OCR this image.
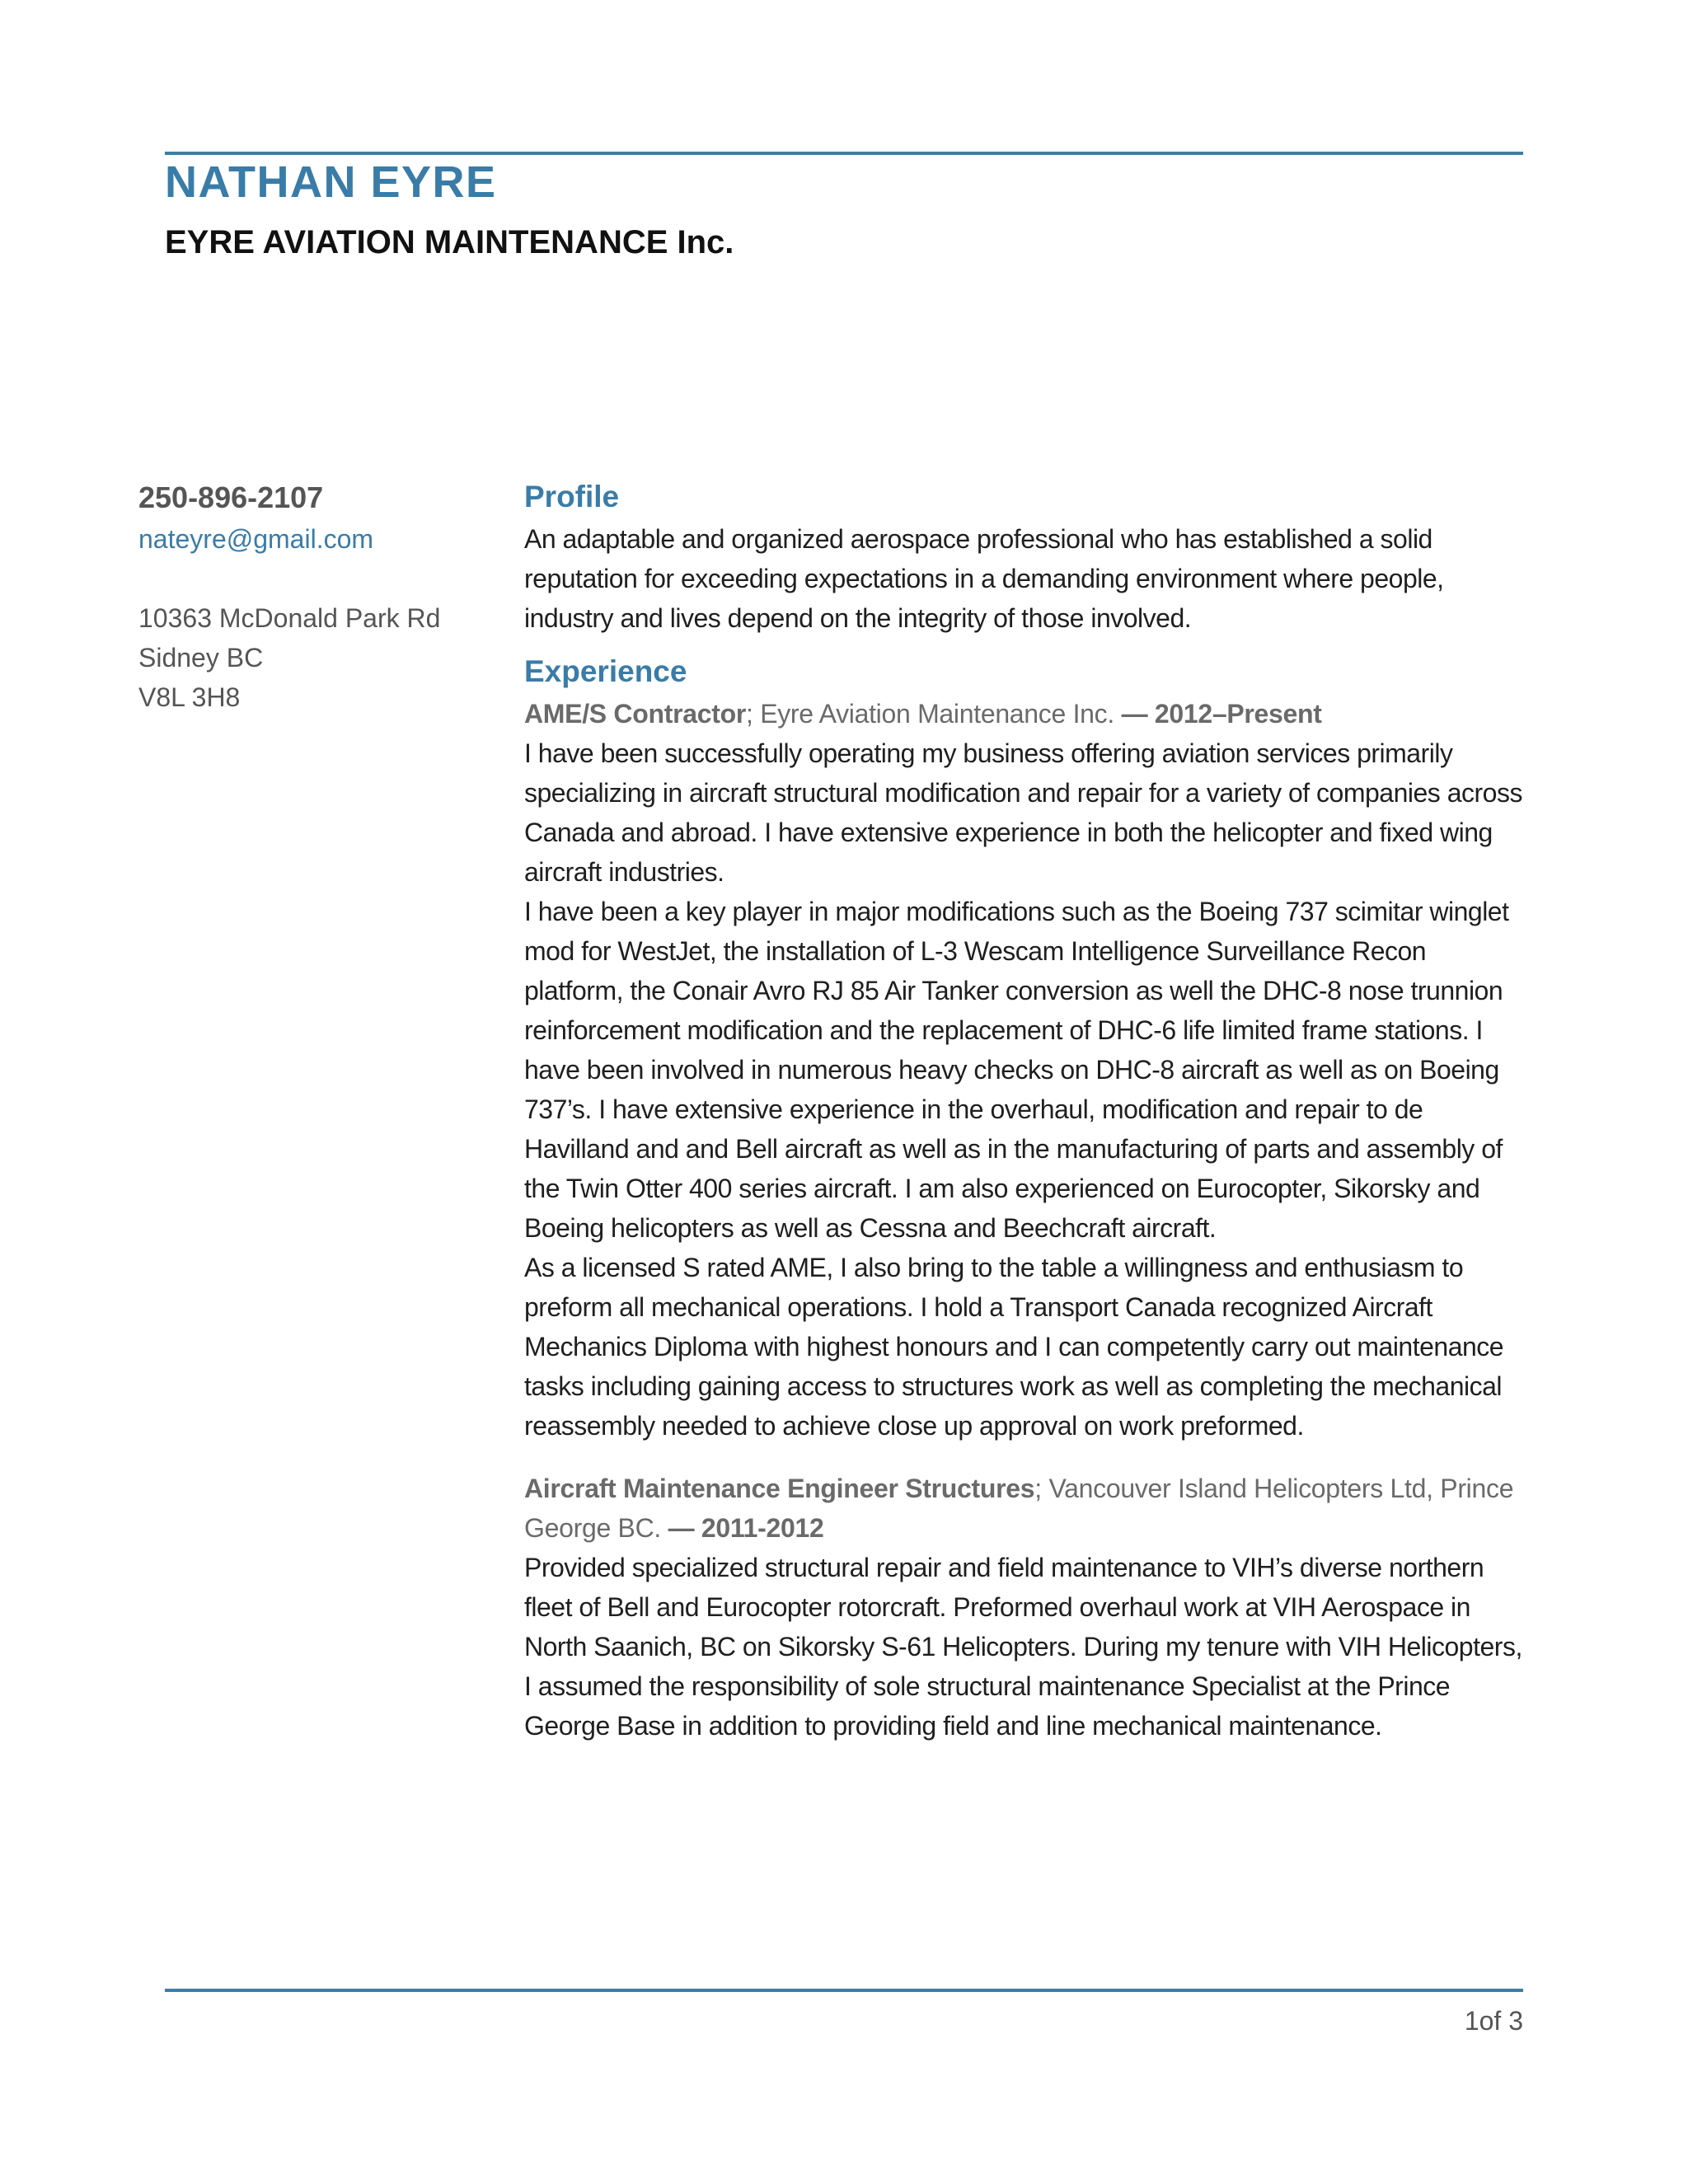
NATHAN EYRE
EYRE AVIATION MAINTENANCE Inc.
250-896-2107
nateyre@gmail.com
10363 McDonald Park Rd
Sidney BC
V8L 3H8
Profile

An adaptable and organized aerospace professional who has established a solid reputation for exceeding expectations in a demanding environment where people, industry and lives depend on the integrity of those involved.

Experience
AME/S Contractor; Eyre Aviation Maintenance Inc. — 2012–Present

I have been successfully operating my business offering aviation services primarily specializing in aircraft structural modification and repair for a variety of companies across Canada and abroad. I have extensive experience in both the helicopter and fixed wing aircraft industries.

I have been a key player in major modifications such as the Boeing 737 scimitar winglet mod for WestJet, the installation of L-3 Wescam Intelligence Surveillance Recon platform, the Conair Avro RJ 85 Air Tanker conversion as well the DHC-8 nose trunnion reinforcement modification and the replacement of DHC-6 life limited frame stations. I have been involved in numerous heavy checks on DHC-8 aircraft as well as on Boeing 737’s. I have extensive experience in the overhaul, modification and repair to de Havilland and and Bell aircraft as well as in the manufacturing of parts and assembly of the Twin Otter 400 series aircraft. I am also experienced on Eurocopter, Sikorsky and Boeing helicopters as well as Cessna and Beechcraft aircraft.

As a licensed S rated AME, I also bring to the table a willingness and enthusiasm to preform all mechanical operations. I hold a Transport Canada recognized Aircraft Mechanics Diploma with highest honours and I can competently carry out maintenance tasks including gaining access to structures work as well as completing the mechanical reassembly needed to achieve close up approval on work preformed.

Aircraft Maintenance Engineer Structures; Vancouver Island Helicopters Ltd, Prince George BC. — 2011-2012

Provided specialized structural repair and field maintenance to VIH’s diverse northern fleet of Bell and Eurocopter rotorcraft. Preformed overhaul work at VIH Aerospace in North Saanich, BC on Sikorsky S-61 Helicopters. During my tenure with VIH Helicopters, I assumed the responsibility of sole structural maintenance Specialist at the Prince George Base in addition to providing field and line mechanical maintenance.

1of 3
